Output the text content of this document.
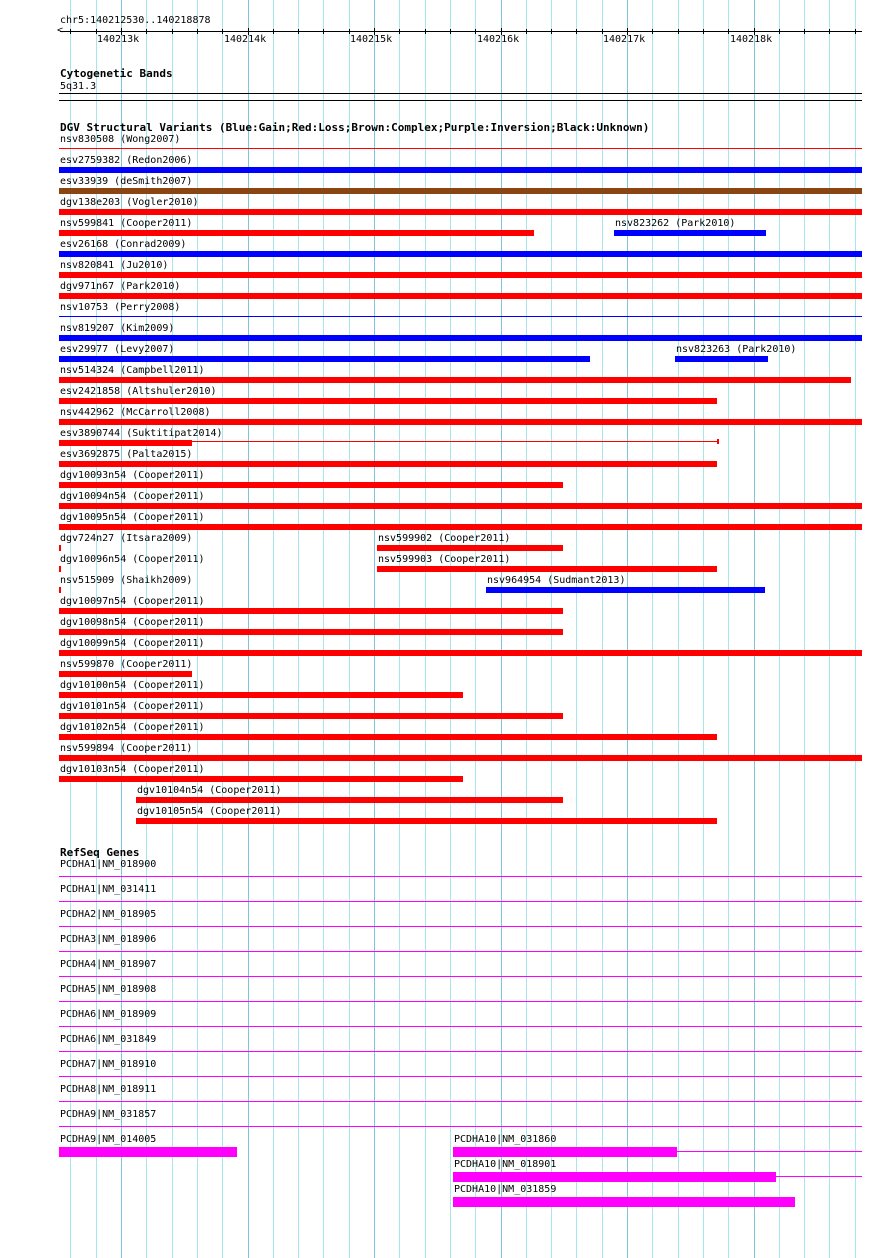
chr5:140212530..140218878
<
140213k	140214k	140215k	140216k	140217k	140218k
Cytogenetic Bands
5q31.3
DGV Structural Variants (Blue:Gain;Red:Loss;Brown:Complex;Purple:Inversion;Black:Unknown)
nsv830508 (Wong2007)
esv2759382 (Redon2006)
esv33939 (deSmith2007)
dgv138e203 (Vogler2010)
nsv599841 (Cooper2011)	nsv823262 (Park2010)
esv26168 (Conrad2009)
nsv820841 (Ju2010)
dgv971n67 (Park2010)
nsv10753 (Perry2008)
nsv819207 (Kim2009)
esv29977 (Levy2007)	nsv823263 (Park2010)
nsv514324 (Campbell2011)
esv2421858 (Altshuler2010)
nsv442962 (McCarroll2008)
esv3890744 (Suktitipat2014)
esv3692875 (Palta2015)
dgv10093n54 (Cooper2011)
dgv10094n54 (Cooper2011)
dgv10095n54 (Cooper2011)
dgv724n27 (Itsara2009)	nsv599902 (Cooper2011)
dgv10096n54 (Cooper2011)	nsv599903 (Cooper2011)
nsv515909 (Shaikh2009)	nsv964954 (Sudmant2013)
dgv10097n54 (Cooper2011)
dgv10098n54 (Cooper2011)
dgv10099n54 (Cooper2011)
nsv599870 (Cooper2011)
dgv10100n54 (Cooper2011)
dgv10101n54 (Cooper2011)
dgv10102n54 (Cooper2011)
nsv599894 (Cooper2011)
dgv10103n54 (Cooper2011)
dgv10104n54 (Cooper2011)
dgv10105n54 (Cooper2011)
RefSeq Genes
PCDHA1|NM_018900
PCDHA1|NM_031411
PCDHA2|NM_018905
PCDHA3|NM_018906
PCDHA4|NM_018907
PCDHA5|NM_018908
PCDHA6|NM_018909
PCDHA6|NM_031849
PCDHA7|NM_018910
PCDHA8|NM_018911
PCDHA9|NM_031857
PCDHA9|NM_014005	PCDHA10|NM_031860
PCDHA10|NM_018901
PCDHA10|NM_031859
